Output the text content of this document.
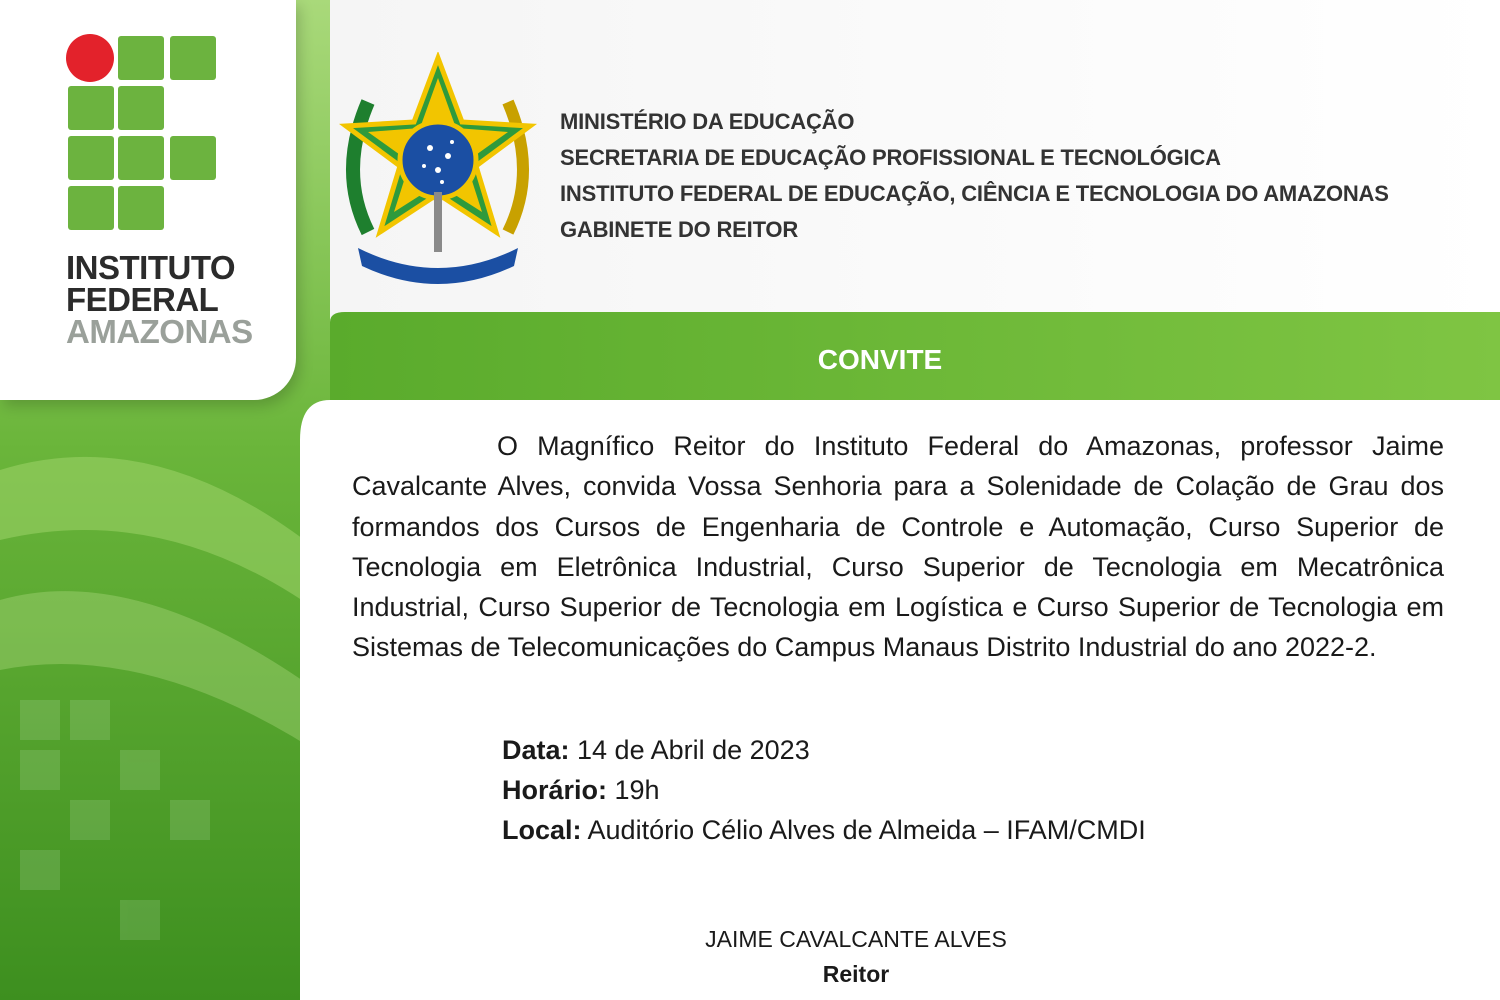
INSTITUTO
FEDERAL
AMAZONAS
MINISTÉRIO DA EDUCAÇÃO
SECRETARIA DE EDUCAÇÃO PROFISSIONAL E TECNOLÓGICA
INSTITUTO FEDERAL DE EDUCAÇÃO, CIÊNCIA E TECNOLOGIA DO AMAZONAS
GABINETE DO REITOR
CONVITE
O Magnífico Reitor do Instituto Federal do Amazonas, professor Jaime Cavalcante Alves, convida Vossa Senhoria para a Solenidade de Colação de Grau dos formandos dos Cursos de Engenharia de Controle e Automação, Curso Superior de Tecnologia em Eletrônica Industrial, Curso Superior de Tecnologia em Mecatrônica Industrial, Curso Superior de Tecnologia em Logística e Curso Superior de Tecnologia em Sistemas de Telecomunicações do Campus Manaus Distrito Industrial do ano 2022-2.
Data: 14 de Abril de 2023
Horário: 19h
Local: Auditório Célio Alves de Almeida – IFAM/CMDI
JAIME CAVALCANTE ALVES
Reitor
